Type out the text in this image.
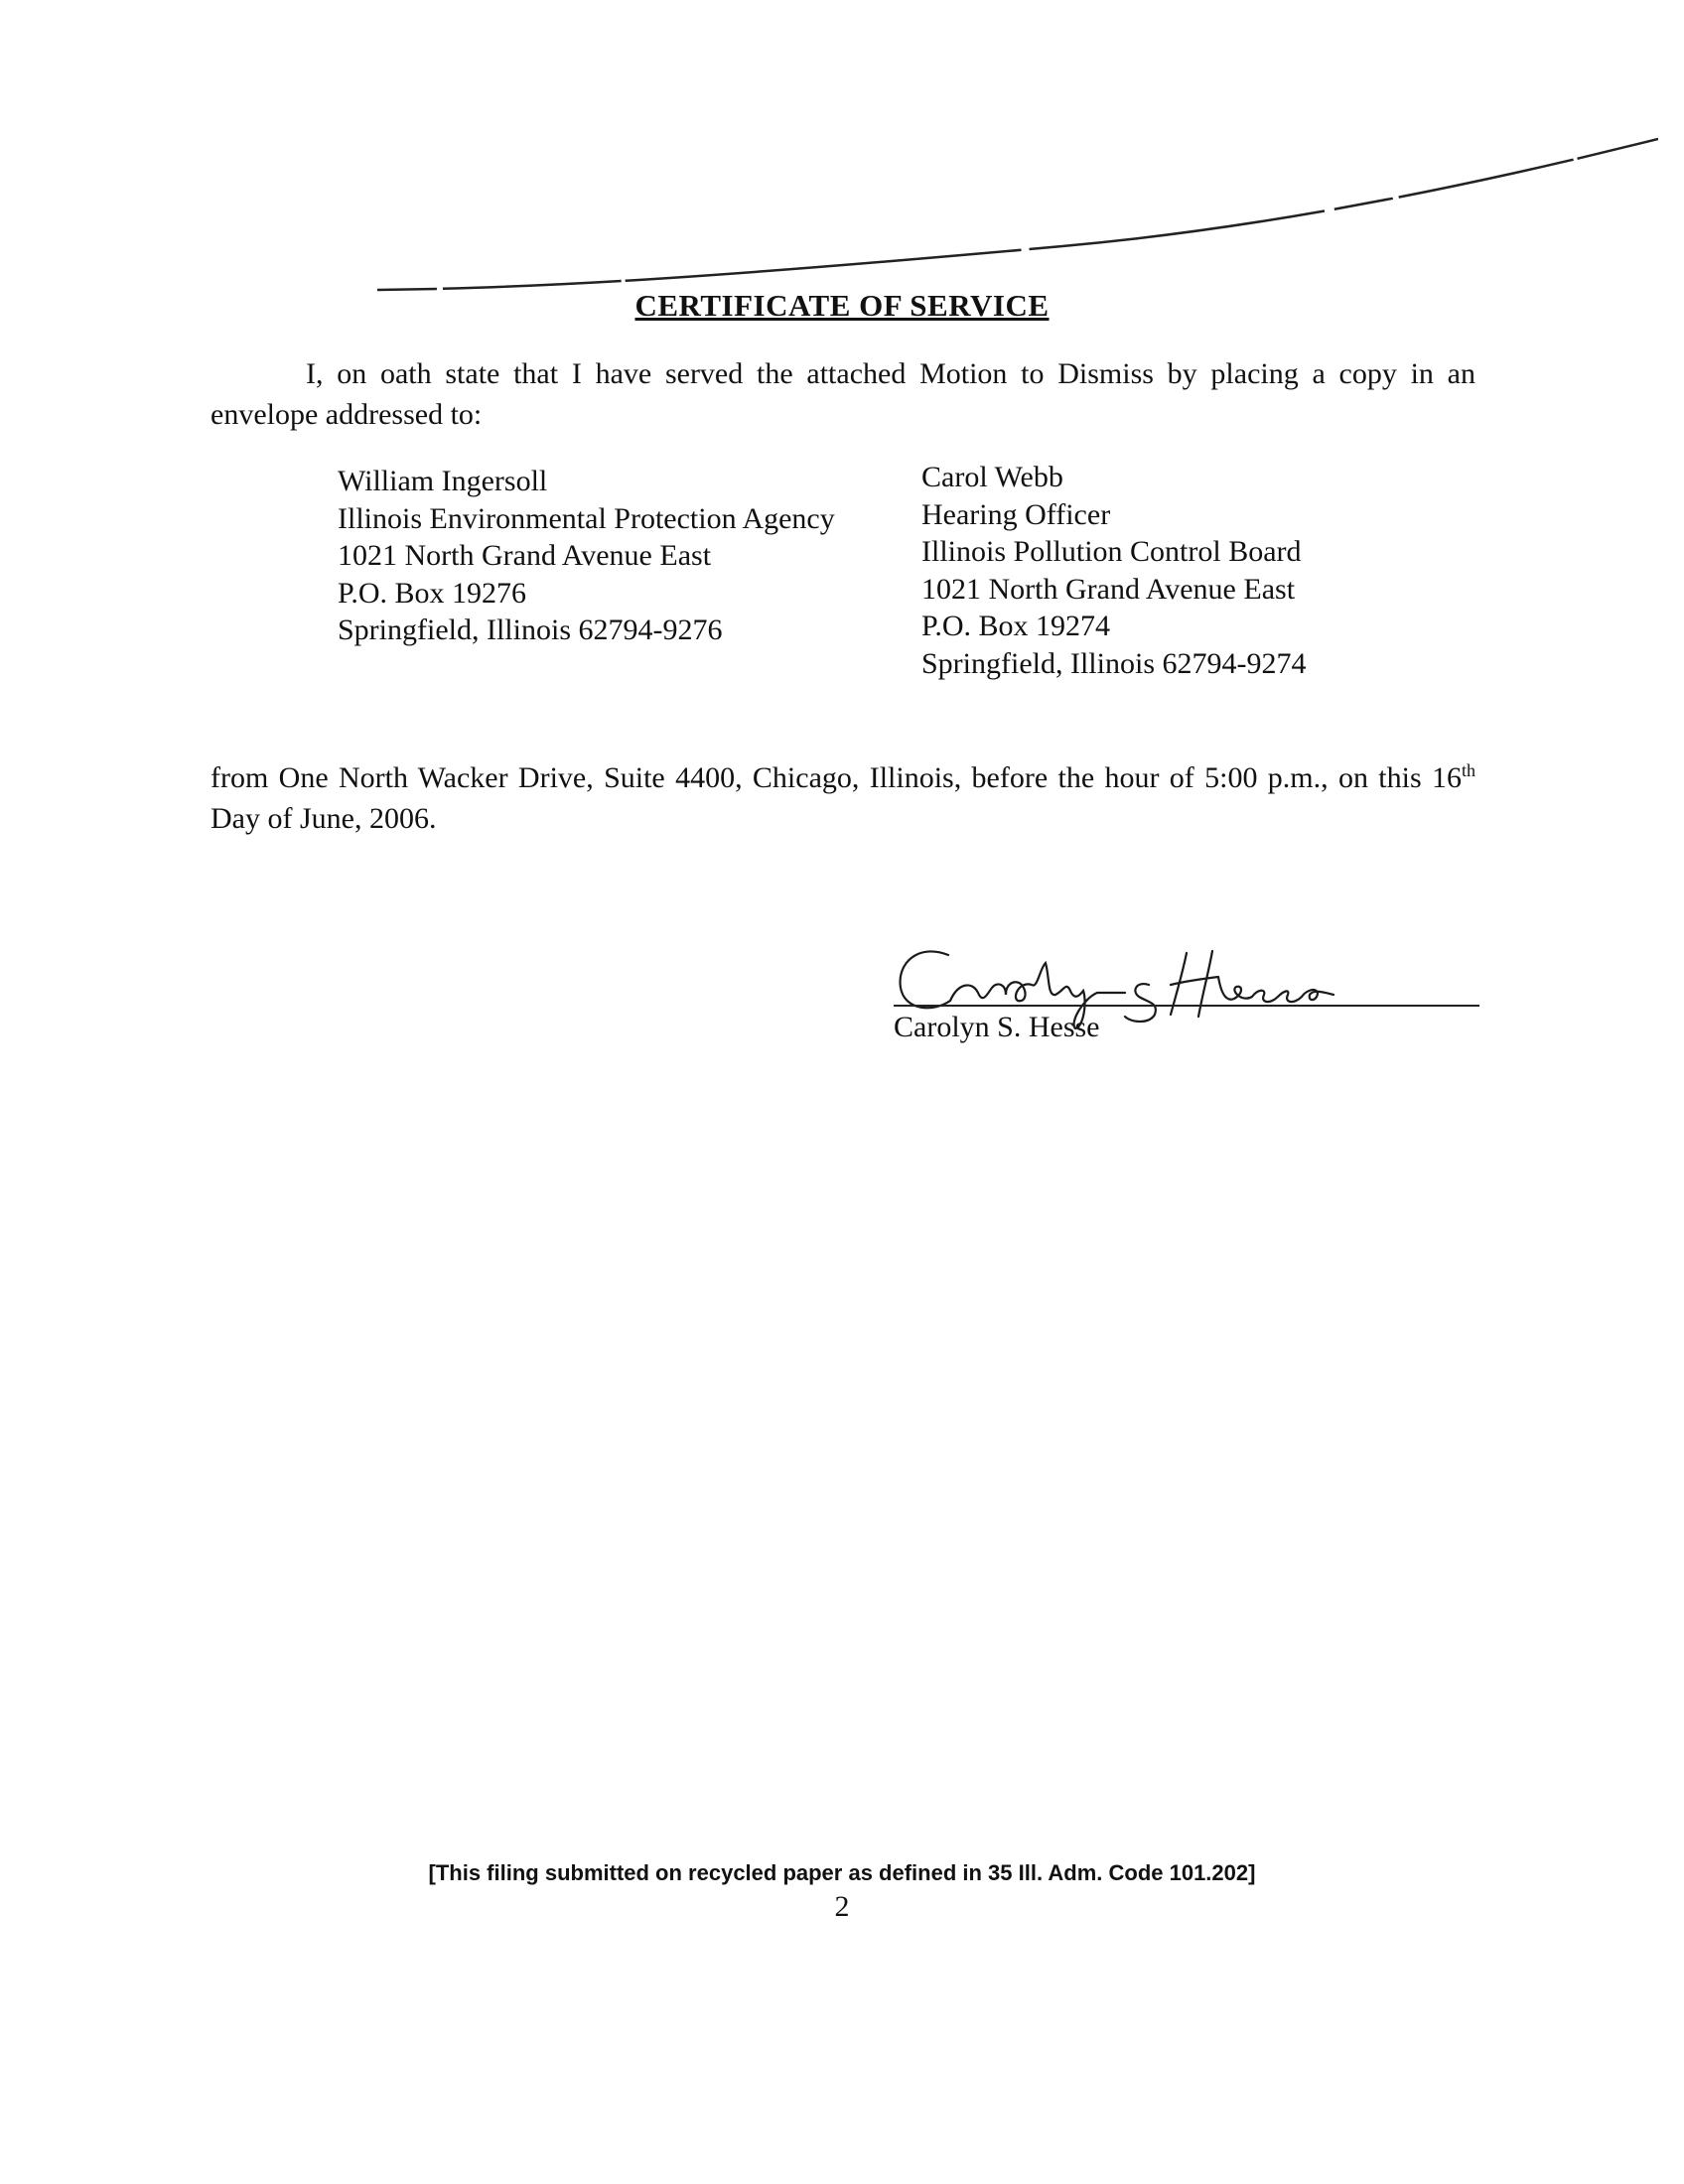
CERTIFICATE OF SERVICE
I, on oath state that I have served the attached Motion to Dismiss by placing a copy in an envelope addressed to:
William Ingersoll
Illinois Environmental Protection Agency
1021 North Grand Avenue East
P.O. Box 19276
Springfield, Illinois 62794-9276
Carol Webb
Hearing Officer
Illinois Pollution Control Board
1021 North Grand Avenue East
P.O. Box 19274
Springfield, Illinois 62794-9274
from One North Wacker Drive, Suite 4400, Chicago, Illinois, before the hour of 5:00 p.m., on this 16th Day of June, 2006.
Carolyn S. Hesse
[This filing submitted on recycled paper as defined in 35 Ill. Adm. Code 101.202]
2
